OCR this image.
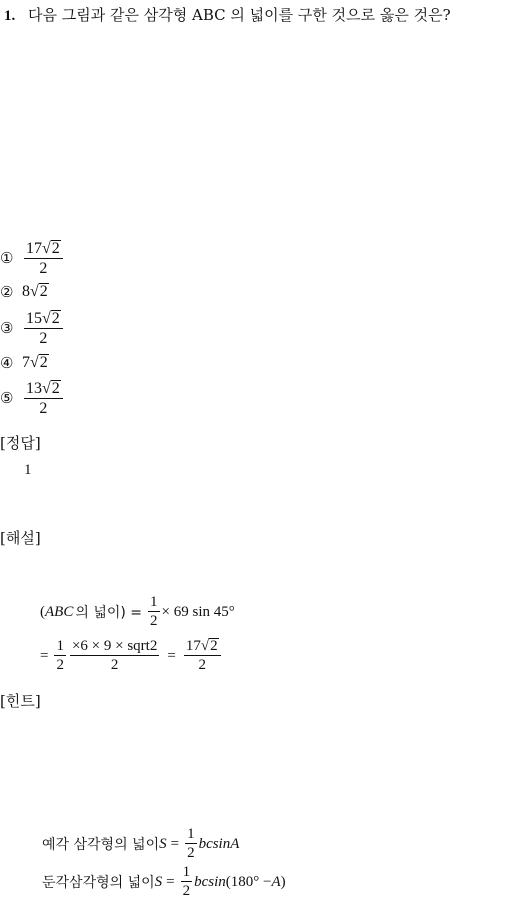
1. 다음 그림과 같은 삼각형 ABC 의 넓이를 구한 것으로 옳은 것은?
① $\frac{17√2}{2}$
② 8√2
③ $\frac{15√2}{2}$
④ 7√2
⑤ $\frac{13√2}{2}$
[정답]
1
[해설]
( ABC 의 넓이) = $\frac{1}{2} \times 69$ sin 45°
= $\frac{1}{2} \frac{\text{×6 × 9 × sqrt2}}{2} = \frac{17√2}{2}$
[힌트]
예각 삼각형의 넓이 $S = \frac{1}{2}$ bcsinA
둔각삼각형의 넓이 $S = \frac{1}{2}$ bcsin (180° − A )
